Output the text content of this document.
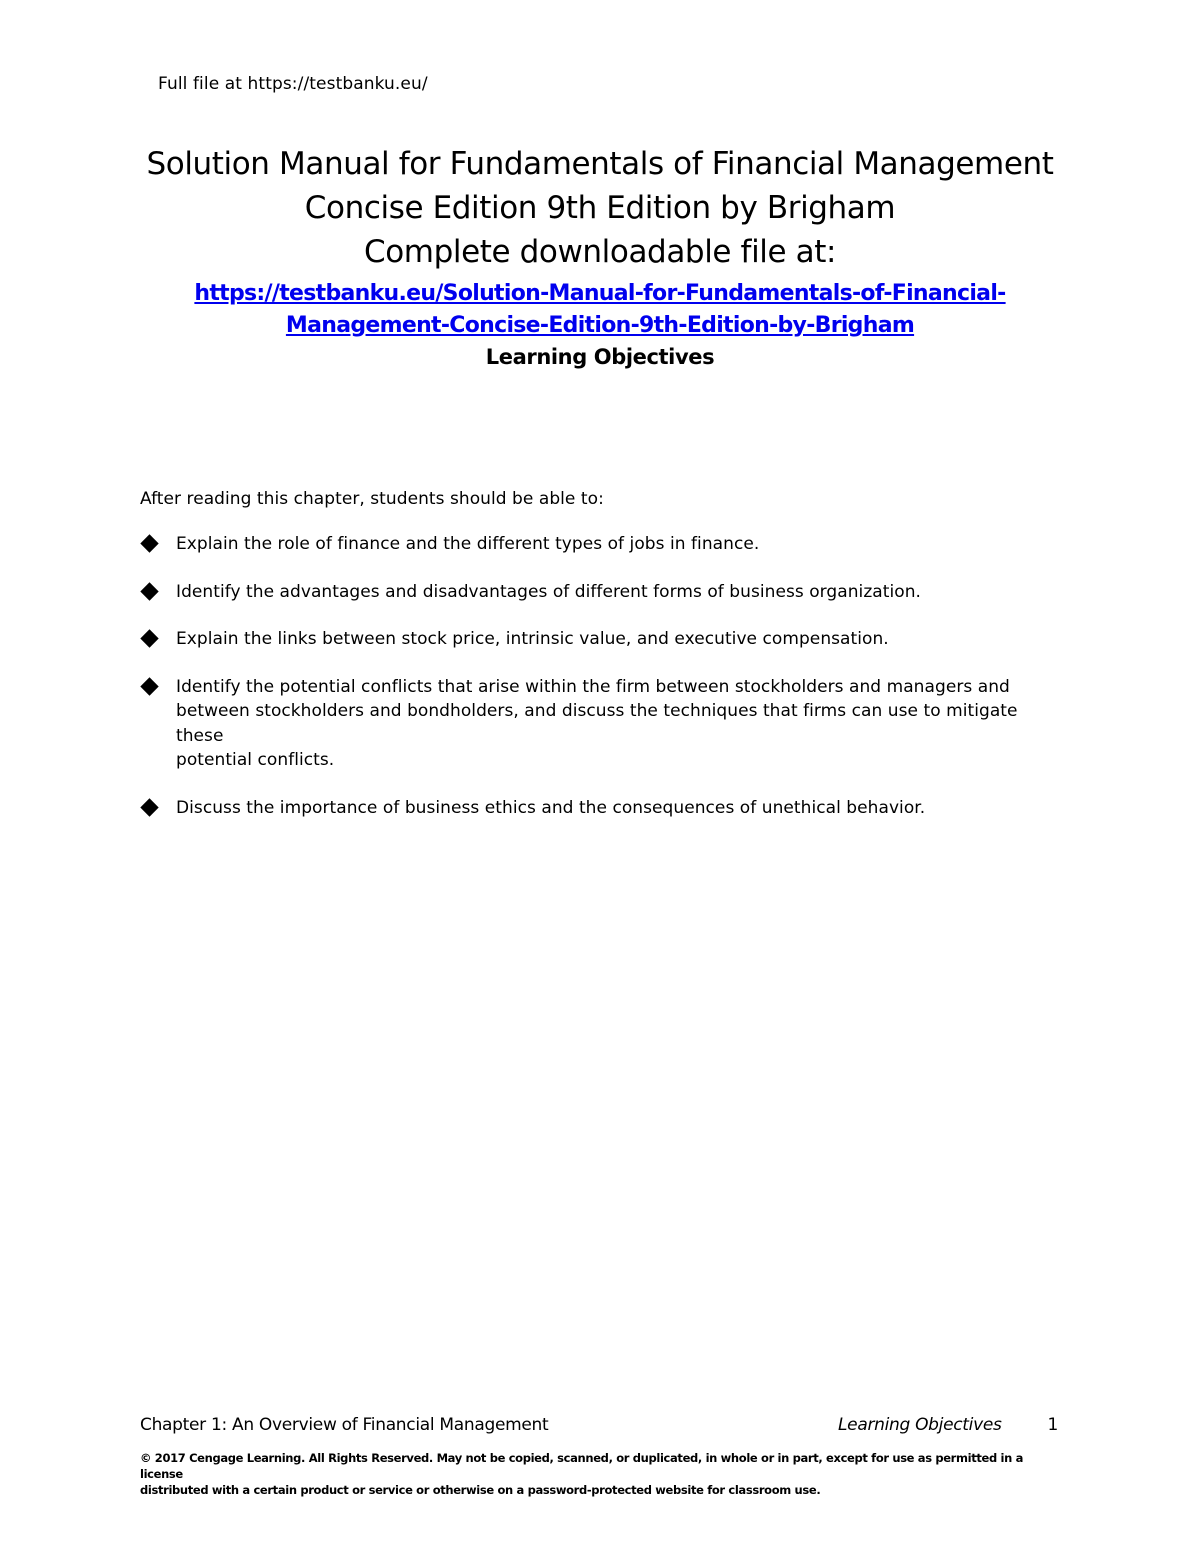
Full file at https://testbanku.eu/

Solution Manual for Fundamentals of Financial Management

Concise Edition 9th Edition by Brigham

Complete downloadable file at:

https://testbanku.eu/Solution-Manual-for-Fundamentals-of-Financial-
Management-Concise-Edition-9th-Edition-by-Brigham

Learning Objectives

After reading this chapter, students should be able to:
Explain the role of finance and the different types of jobs in finance.
Identify the advantages and disadvantages of different forms of business organization.
Explain the links between stock price, intrinsic value, and executive compensation.
Identify the potential conflicts that arise within the firm between stockholders and managers and
between stockholders and bondholders, and discuss the techniques that firms can use to mitigate these
potential conflicts.
Discuss the importance of business ethics and the consequences of unethical behavior.
Chapter 1: An Overview of Financial Management	Learning Objectives	1
© 2017 Cengage Learning. All Rights Reserved. May not be copied, scanned, or duplicated, in whole or in part, except for use as permitted in a license
distributed with a certain product or service or otherwise on a password-protected website for classroom use.
